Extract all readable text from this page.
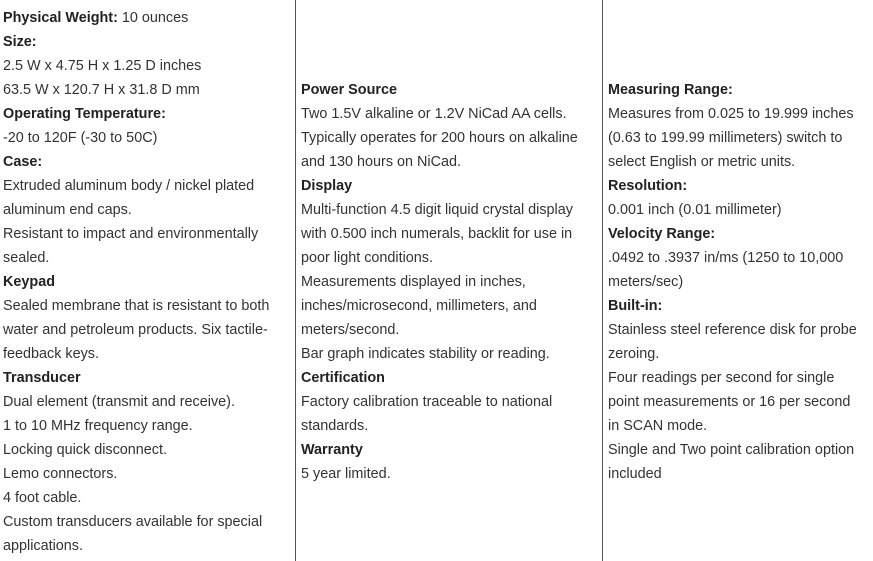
Physical Weight: 10 ounces
Size:
2.5 W x 4.75 H x 1.25 D inches
63.5 W x 120.7 H x 31.8 D mm
Operating Temperature:
-20 to 120F (-30 to 50C)
Case:
Extruded aluminum body / nickel plated
aluminum end caps.
Resistant to impact and environmentally
sealed.
Keypad
Sealed membrane that is resistant to both
water and petroleum products. Six tactile-
feedback keys.
Transducer
Dual element (transmit and receive).
1 to 10 MHz frequency range.
Locking quick disconnect.
Lemo connectors.
4 foot cable.
Custom transducers available for special
applications.
Power Source
Two 1.5V alkaline or 1.2V NiCad AA cells.
Typically operates for 200 hours on alkaline
and 130 hours on NiCad.
Display
Multi-function 4.5 digit liquid crystal display
with 0.500 inch numerals, backlit for use in
poor light conditions.
Measurements displayed in inches,
inches/microsecond, millimeters, and
meters/second.
Bar graph indicates stability or reading.
Certification
Factory calibration traceable to national
standards.
Warranty
5 year limited.
Measuring Range:
Measures from 0.025 to 19.999 inches
(0.63 to 199.99 millimeters) switch to
select English or metric units.
Resolution:
0.001 inch (0.01 millimeter)
Velocity Range:
.0492 to .3937 in/ms (1250 to 10,000
meters/sec)
Built-in:
Stainless steel reference disk for probe
zeroing.
Four readings per second for single
point measurements or 16 per second
in SCAN mode.
Single and Two point calibration option
included
